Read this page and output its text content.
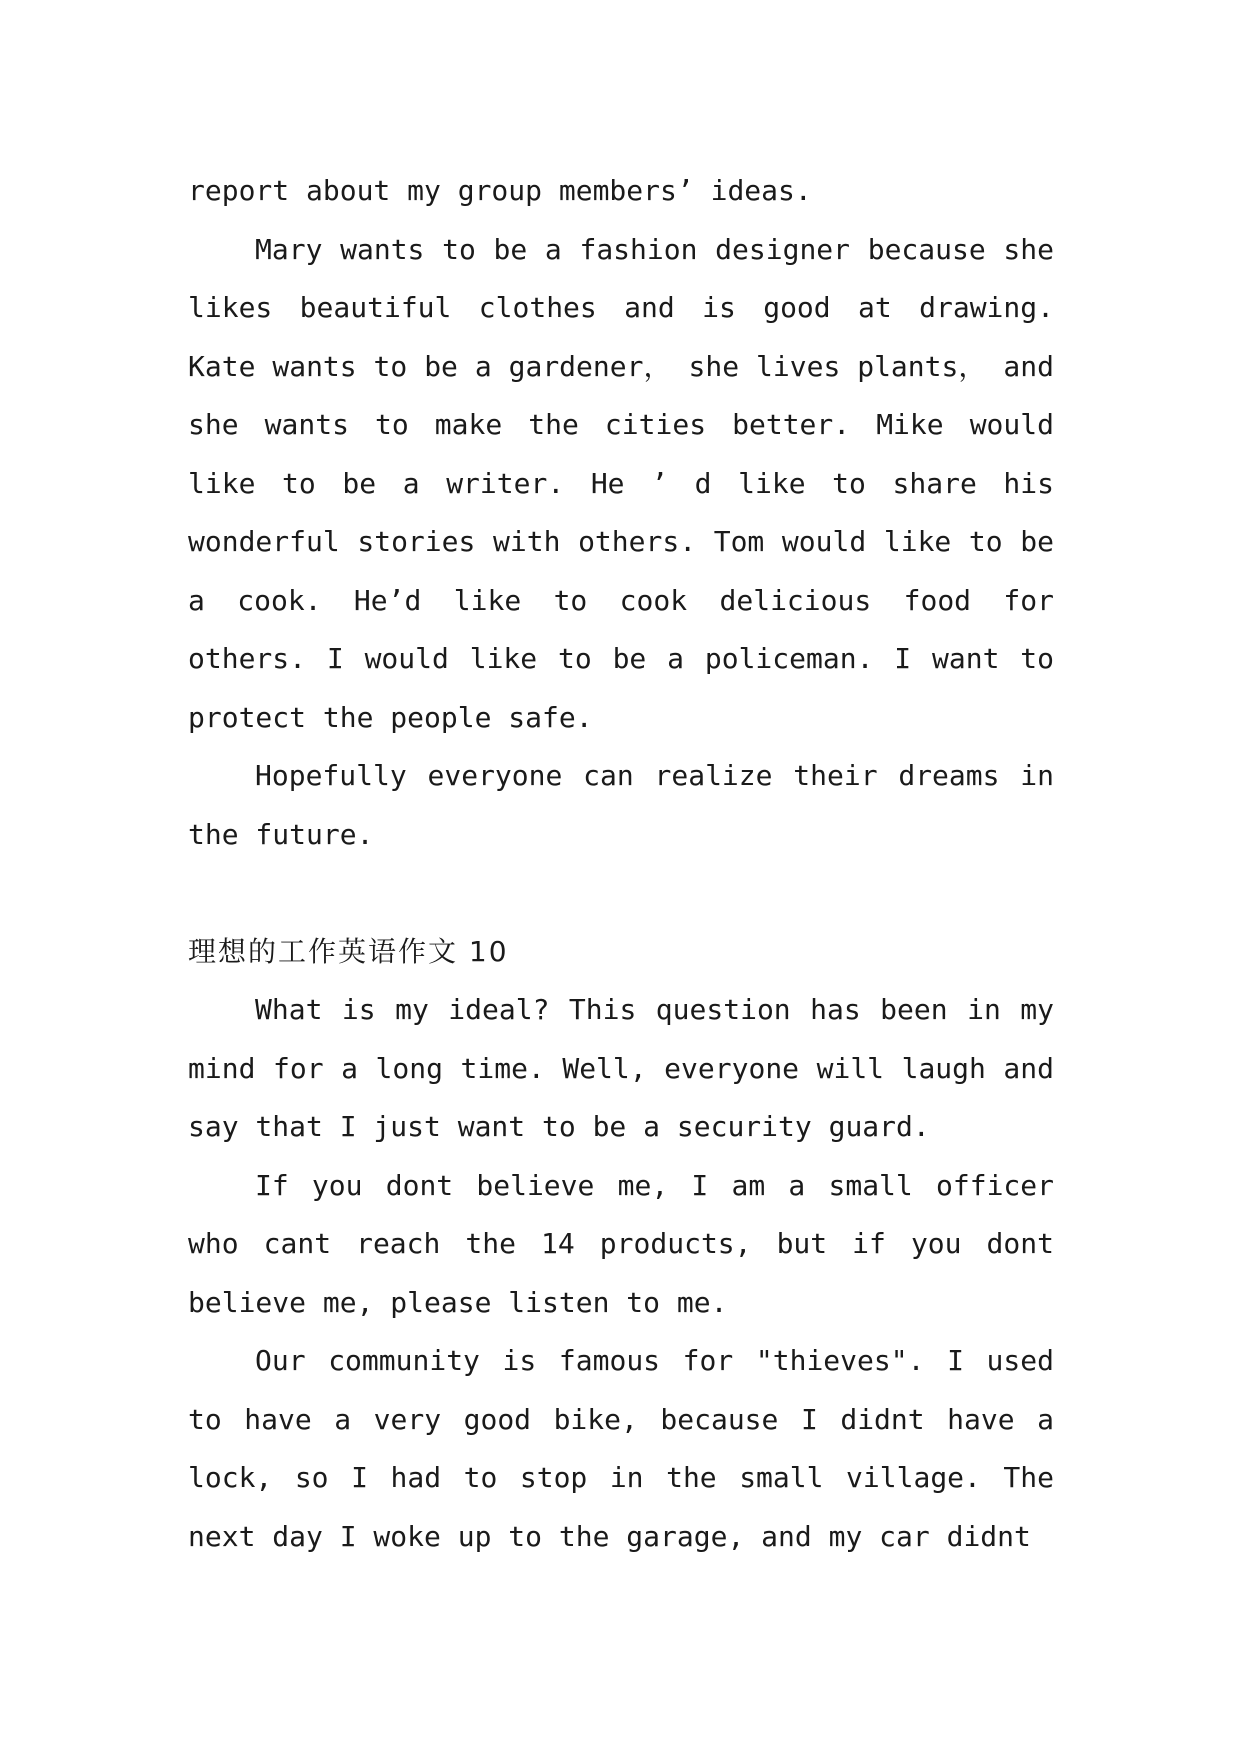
report about my group members’ ideas.

Mary wants to be a fashion designer because she likes beautiful clothes and is good at drawing. Kate wants to be a gardener， she lives plants， and she wants to make the cities better. Mike would like to be a writer. He ’ d like to share his wonderful stories with others. Tom would like to be a cook. He’d like to cook delicious food for others. I would like to be a policeman. I want to protect the people safe.

Hopefully everyone can realize their dreams in the future.

理想的工作英语作文 10

What is my ideal? This question has been in my mind for a long time. Well, everyone will laugh and say that I just want to be a security guard.

If you dont believe me, I am a small officer who cant reach the 14 products, but if you dont believe me, please listen to me.

Our community is famous for "thieves". I used to have a very good bike, because I didnt have a lock, so I had to stop in the small village. The next day I woke up to the garage, and my car didnt
